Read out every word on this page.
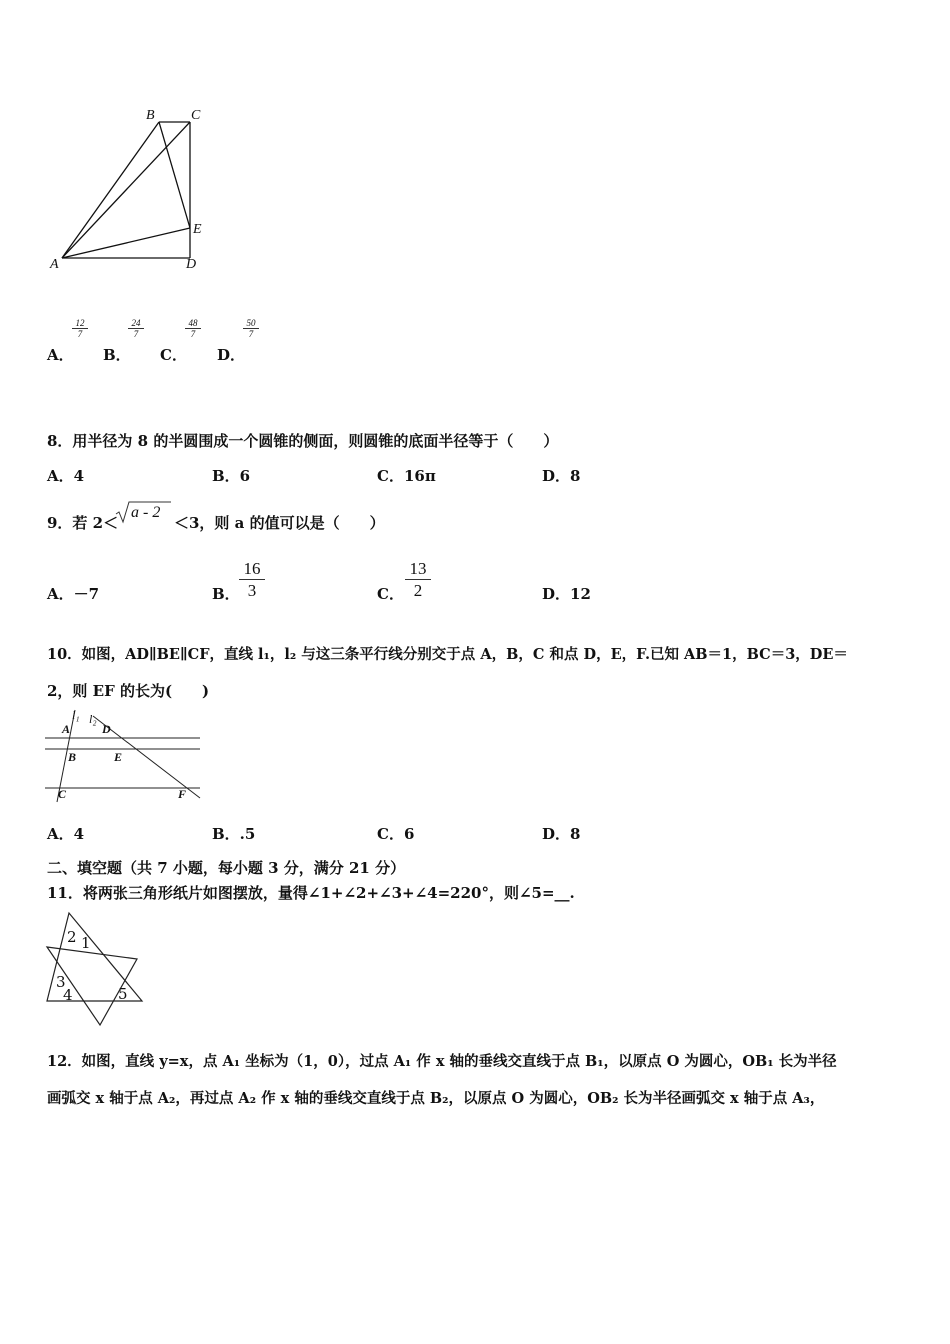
B	C
E
A	D
A．
$\frac{12}{7}$
B．
$\frac{24}{7}$
C．
$\frac{48}{7}$
D．
$\frac{50}{7}$
8．用半径为 8 的半圆围成一个圆锥的侧面，则圆锥的底面半径等于（　　）
A．4	B．6	C．16π	D．8
9．若 2＜
a - 2
＜3，则 a 的值可以是（　　）
A．－7	B． $\frac{16}{3}$	C． $\frac{13}{2}$	D．12
10．如图，AD∥BE∥CF，直线 l₁，l₂ 与这三条平行线分别交于点 A，B，C 和点 D，E，F.已知 AB＝1，BC＝3，DE＝
2，则 EF 的长为(　　)
l₁ l₂
A	D
B	E
C	F
A．4	B．.5	C．6	D．8
二、填空题（共 7 小题，每小题 3 分，满分 21 分）
11．将两张三角形纸片如图摆放，量得∠1+∠2+∠3+∠4=220°，则∠5=__.
2 1
3
4	5
12．如图，直线 y=x，点 A₁ 坐标为（1，0），过点 A₁ 作 x 轴的垂线交直线于点 B₁，以原点 O 为圆心，OB₁ 长为半径
画弧交 x 轴于点 A₂，再过点 A₂ 作 x 轴的垂线交直线于点 B₂，以原点 O 为圆心，OB₂ 长为半径画弧交 x 轴于点 A₃，
